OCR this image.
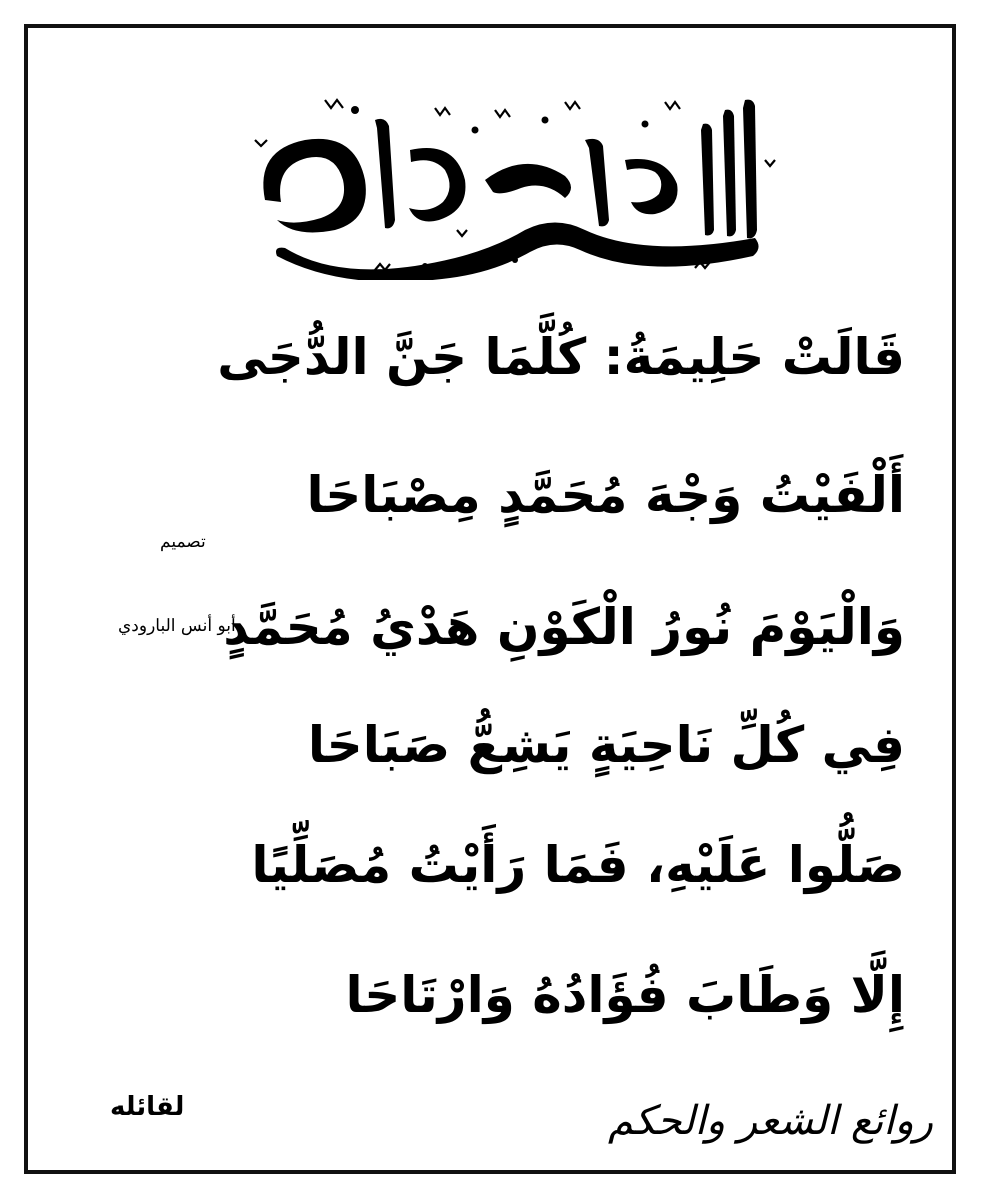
قَالَتْ حَلِيمَةُ: كُلَّمَا جَنَّ الدُّجَى
أَلْفَيْتُ وَجْهَ مُحَمَّدٍ مِصْبَاحَا
وَالْيَوْمَ نُورُ الْكَوْنِ هَدْيُ مُحَمَّدٍ
فِي كُلِّ نَاحِيَةٍ يَشِعُّ صَبَاحَا
صَلُّوا عَلَيْهِ، فَمَا رَأَيْتُ مُصَلِّيًا
إِلَّا وَطَابَ فُؤَادُهُ وَارْتَاحَا
تصميم
أبو أنس البارودي
لقائله	روائع الشعر والحكم
